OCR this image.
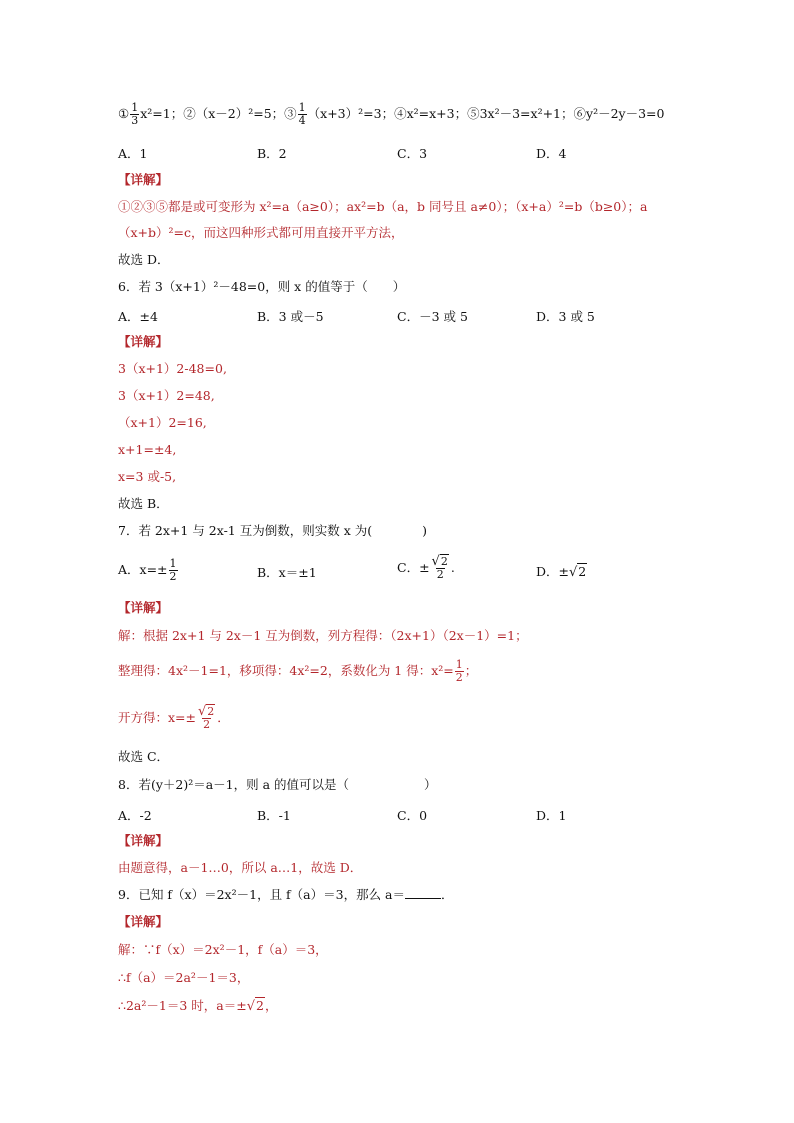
① $\frac{1}{3} x^2=1$；②（x－2）²=5；③ $\frac{1}{4} (x+3)^2=3$；④x²=x+3；⑤3x²－3=x²+1；⑥y²－2y－3=0
A．1	B．2	C．3	D．4
【详解】
①②③⑤都是或可变形为 x²=a（a≥0）；ax²=b（a，b 同号且 a≠0）；（x+a）²=b（b≥0）；a
（x+b）²=c，而这四种形式都可用直接开平方法，
故选 D．
6．若 3（x+1）²－48=0，则 x 的值等于（　　）
A．±4	B．3 或－5	C．－3 或 5	D．3 或 5
【详解】
3（x+1）2-48=0,
3（x+1）2=48,
（x+1）2=16,
x+1=±4,
x=3 或-5,
故选 B．
7．若 2x+1 与 2x-1 互为倒数，则实数 x 为(　　　　)
A．$x=\pm \frac{1}{2}$	B．x＝±1	C．± $\frac{√2}{2}$ .	D．±√2
【详解】
解：根据 2x+1 与 2x－1 互为倒数，列方程得：（2x+1）（2x－1）=1；
整理得：4x²－1=1，移项得：4x²=2，系数化为 1 得：$x^2= \frac{1}{2}$ ；
开方得：$x=\pm \frac{√2}{2}$ ．
故选 C．
8．若(y＋2)²＝a－1，则 a 的值可以是（　　　　　　）
A．-2	B．-1	C．0	D．1
【详解】
由题意得，a－1…0，所以 a…1，故选 D．
9．已知 f（x）＝2x²－1，且 f（a）＝3，那么 a＝	．
【详解】
解：∵f（x）＝2x²－1，f（a）＝3，
∴f（a）＝2a²－1＝3，
∴2a²－1＝3 时，a＝±√2，
